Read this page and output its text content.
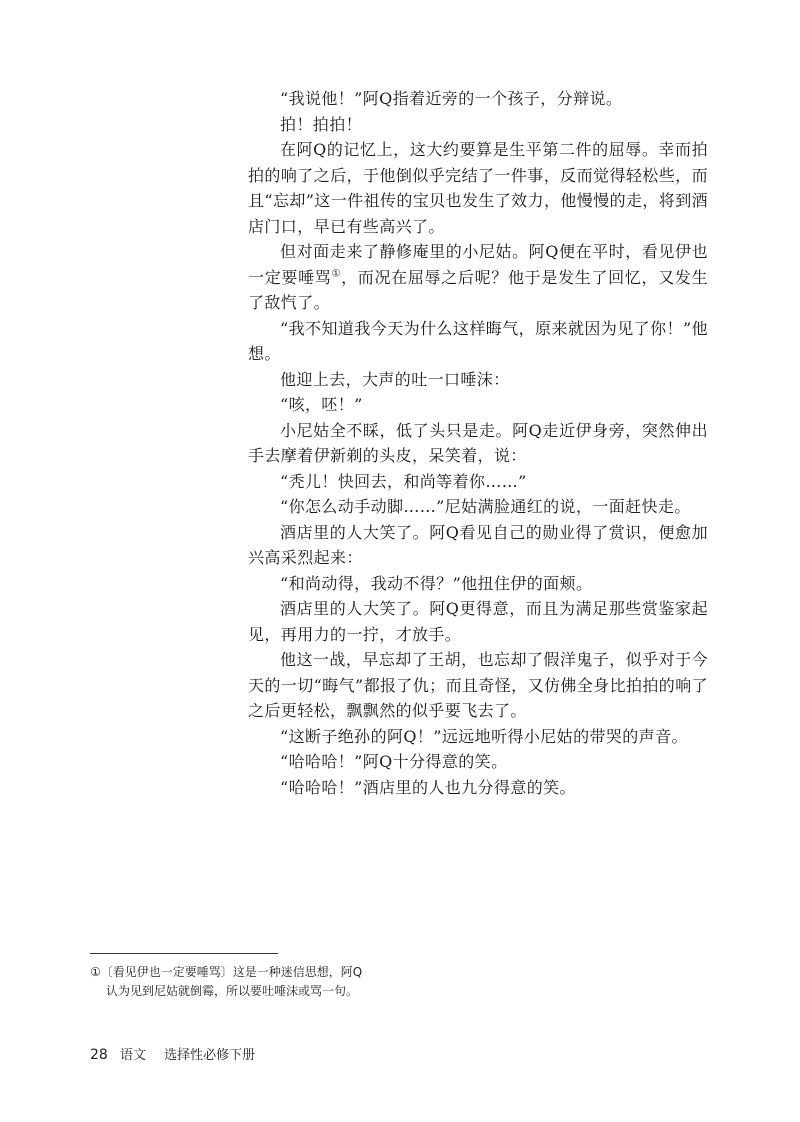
“我说他！”阿Q指着近旁的一个孩子，分辩说。

拍！拍拍！

在阿Q的记忆上，这大约要算是生平第二件的屈辱。幸而拍拍的响了之后，于他倒似乎完结了一件事，反而觉得轻松些，而且“忘却”这一件祖传的宝贝也发生了效力，他慢慢的走，将到酒店门口，早已有些高兴了。

但对面走来了静修庵里的小尼姑。阿Q便在平时，看见伊也一定要唾骂①，而况在屈辱之后呢？他于是发生了回忆，又发生了敌忾了。

“我不知道我今天为什么这样晦气，原来就因为见了你！”他想。

他迎上去，大声的吐一口唾沫：

“咳，呸！”

小尼姑全不睬，低了头只是走。阿Q走近伊身旁，突然伸出手去摩着伊新剃的头皮，呆笑着，说：

“秃儿！快回去，和尚等着你……”

“你怎么动手动脚……”尼姑满脸通红的说，一面赶快走。

酒店里的人大笑了。阿Q看见自己的勋业得了赏识，便愈加兴高采烈起来：

“和尚动得，我动不得？”他扭住伊的面颊。

酒店里的人大笑了。阿Q更得意，而且为满足那些赏鉴家起见，再用力的一拧，才放手。

他这一战，早忘却了王胡，也忘却了假洋鬼子，似乎对于今天的一切“晦气”都报了仇；而且奇怪，又仿佛全身比拍拍的响了之后更轻松，飘飘然的似乎要飞去了。

“这断子绝孙的阿Q！”远远地听得小尼姑的带哭的声音。

“哈哈哈！”阿Q十分得意的笑。

“哈哈哈！”酒店里的人也九分得意的笑。

①〔看见伊也一定要唾骂〕这是一种迷信思想，阿Q
认为见到尼姑就倒霉，所以要吐唾沫或骂一句。
28 语文 选择性必修下册
